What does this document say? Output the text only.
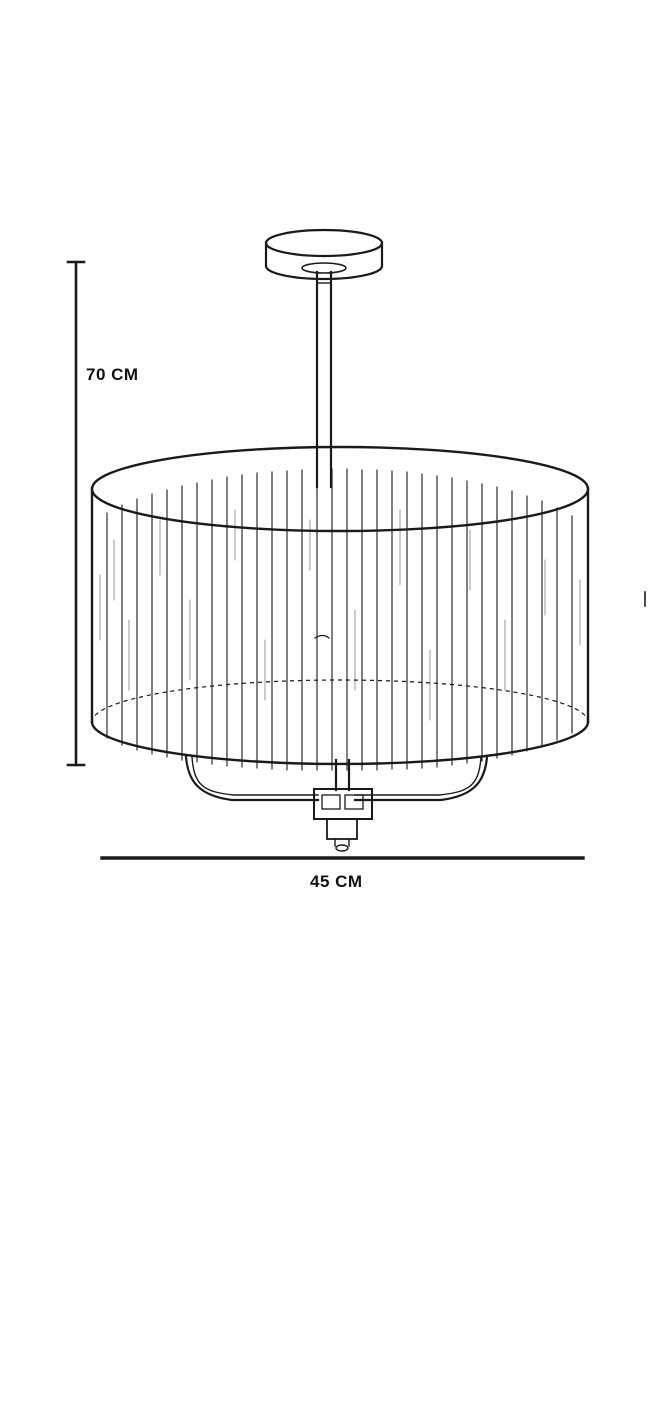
70 CM
45 CM
